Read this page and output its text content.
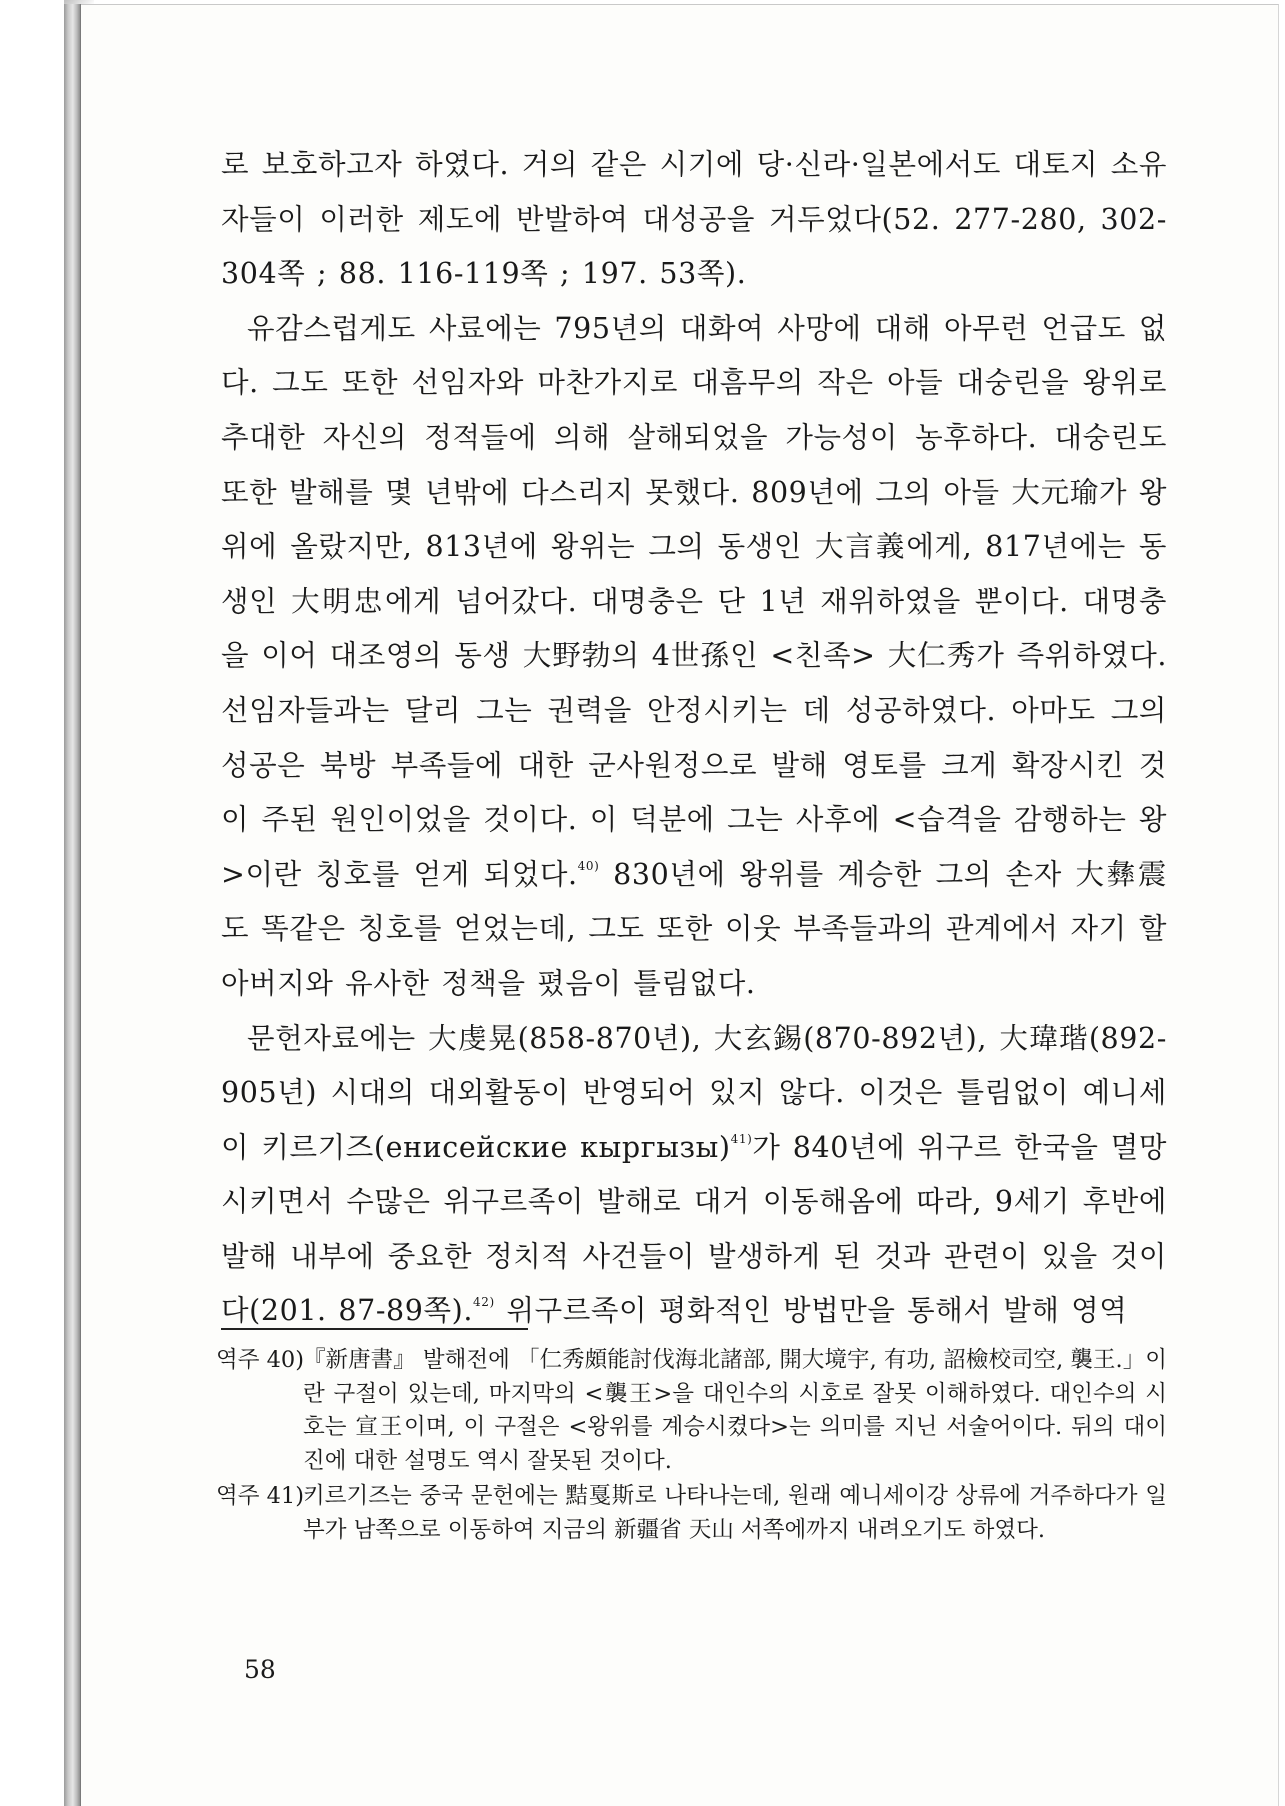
로 보호하고자 하였다. 거의 같은 시기에 당·신라·일본에서도 대토지 소유자들이 이러한 제도에 반발하여 대성공을 거두었다(52. 277-280, 302-304쪽 ; 88. 116-119쪽 ; 197. 53쪽).

유감스럽게도 사료에는 795년의 대화여 사망에 대해 아무런 언급도 없다. 그도 또한 선임자와 마찬가지로 대흠무의 작은 아들 대숭린을 왕위로 추대한 자신의 정적들에 의해 살해되었을 가능성이 농후하다. 대숭린도 또한 발해를 몇 년밖에 다스리지 못했다. 809년에 그의 아들 大元瑜가 왕위에 올랐지만, 813년에 왕위는 그의 동생인 大言義에게, 817년에는 동생인 大明忠에게 넘어갔다. 대명충은 단 1년 재위하였을 뿐이다. 대명충을 이어 대조영의 동생 大野勃의 4世孫인 <친족> 大仁秀가 즉위하였다. 선임자들과는 달리 그는 권력을 안정시키는 데 성공하였다. 아마도 그의 성공은 북방 부족들에 대한 군사원정으로 발해 영토를 크게 확장시킨 것이 주된 원인이었을 것이다. 이 덕분에 그는 사후에 <습격을 감행하는 왕>이란 칭호를 얻게 되었다.$^{40)}$ 830년에 왕위를 계승한 그의 손자 大彝震도 똑같은 칭호를 얻었는데, 그도 또한 이웃 부족들과의 관계에서 자기 할아버지와 유사한 정책을 폈음이 틀림없다.

문헌자료에는 大虔晃(858-870년), 大玄錫(870-892년), 大瑋瑎(892-905년) 시대의 대외활동이 반영되어 있지 않다. 이것은 틀림없이 예니세이 키르기즈(енисейские кыргызы)$^{41)}$가 840년에 위구르 한국을 멸망시키면서 수많은 위구르족이 발해로 대거 이동해옴에 따라, 9세기 후반에 발해 내부에 중요한 정치적 사건들이 발생하게 된 것과 관련이 있을 것이다(201. 87-89쪽).$^{42)}$ 위구르족이 평화적인 방법만을 통해서 발해 영역

역주 40)
『新唐書』 발해전에 「仁秀頗能討伐海北諸部, 開大境宇, 有功, 詔檢校司空, 襲王.」이란 구절이 있는데, 마지막의 <襲王>을 대인수의 시호로 잘못 이해하였다. 대인수의 시호는 宣王이며, 이 구절은 <왕위를 계승시켰다>는 의미를 지닌 서술어이다. 뒤의 대이진에 대한 설명도 역시 잘못된 것이다.
역주 41)
키르기즈는 중국 문헌에는 黠戛斯로 나타나는데, 원래 예니세이강 상류에 거주하다가 일부가 남쪽으로 이동하여 지금의 新疆省 天山 서쪽에까지 내려오기도 하였다.
58
